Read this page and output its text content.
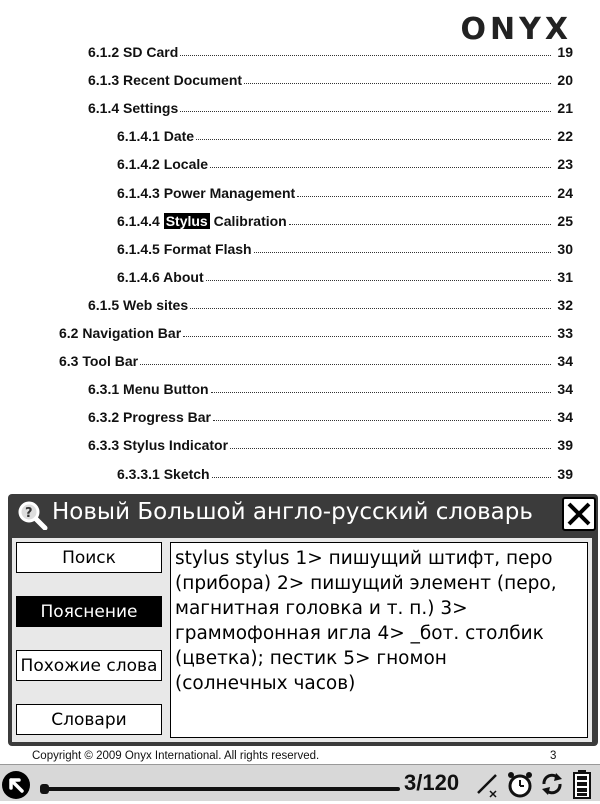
ONYX
6.1.2 SD Card	19
6.1.3 Recent Document	20
6.1.4 Settings	21
6.1.4.1 Date	22
6.1.4.2 Locale	23
6.1.4.3 Power Management	24
6.1.4.4 Stylus Calibration	25
6.1.4.5 Format Flash	30
6.1.4.6 About	31
6.1.5 Web sites	32
6.2 Navigation Bar	33
6.3 Tool Bar	34
6.3.1 Menu Button	34
6.3.2 Progress Bar	34
6.3.3 Stylus Indicator	39
6.3.3.1 Sketch	39
? Новый Большой англо-русский словарь
Поиск
Пояснение
Похожие слова
Словари
stylus stylus 1> пишущий штифт, перо
(прибора) 2> пишущий элемент (перо,
магнитная головка и т. п.) 3>
граммофонная игла 4> _бот. столбик
(цветка); пестик 5> гномон
(солнечных часов)
Copyright © 2009 Onyx International. All rights reserved.	3
3/120
